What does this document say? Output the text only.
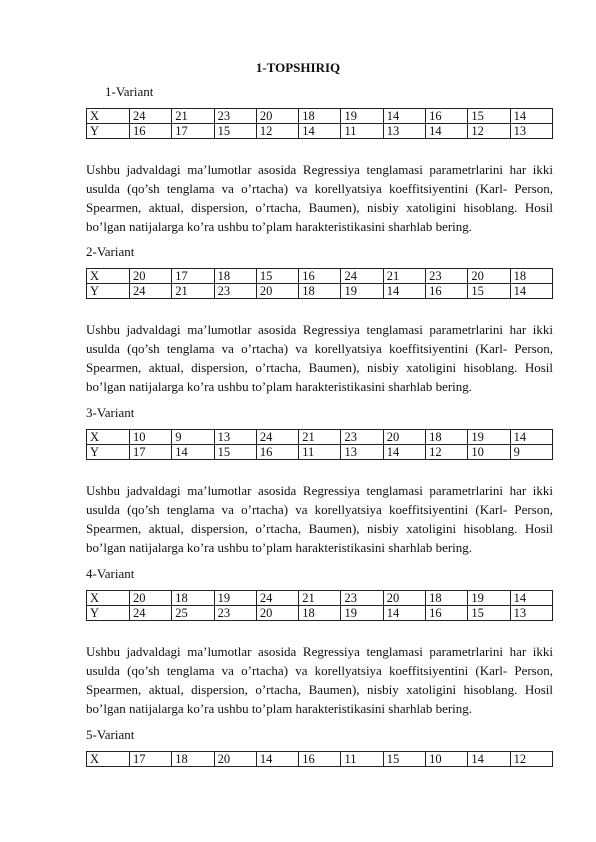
1-TOPSHIRIQ
1-Variant
X	24	21	23	20	18	19	14	16	15	14
Y	16	17	15	12	14	11	13	14	12	13
Ushbu jadvaldagi ma’lumotlar asosida Regressiya tenglamasi parametrlarini har ikki usulda (qo’sh tenglama va o’rtacha) va korellyatsiya koeffitsiyentini (Karl- Person, Spearmen, aktual, dispersion, o’rtacha, Baumen), nisbiy xatoligini hisoblang. Hosil bo’lgan natijalarga ko’ra ushbu to’plam harakteristikasini sharhlab bering.
2-Variant
X	20	17	18	15	16	24	21	23	20	18
Y	24	21	23	20	18	19	14	16	15	14
Ushbu jadvaldagi ma’lumotlar asosida Regressiya tenglamasi parametrlarini har ikki usulda (qo’sh tenglama va o’rtacha) va korellyatsiya koeffitsiyentini (Karl- Person, Spearmen, aktual, dispersion, o’rtacha, Baumen), nisbiy xatoligini hisoblang. Hosil bo’lgan natijalarga ko’ra ushbu to’plam harakteristikasini sharhlab bering.
3-Variant
X	10	9	13	24	21	23	20	18	19	14
Y	17	14	15	16	11	13	14	12	10	9
Ushbu jadvaldagi ma’lumotlar asosida Regressiya tenglamasi parametrlarini har ikki usulda (qo’sh tenglama va o’rtacha) va korellyatsiya koeffitsiyentini (Karl- Person, Spearmen, aktual, dispersion, o’rtacha, Baumen), nisbiy xatoligini hisoblang. Hosil bo’lgan natijalarga ko’ra ushbu to’plam harakteristikasini sharhlab bering.
4-Variant
X	20	18	19	24	21	23	20	18	19	14
Y	24	25	23	20	18	19	14	16	15	13
Ushbu jadvaldagi ma’lumotlar asosida Regressiya tenglamasi parametrlarini har ikki usulda (qo’sh tenglama va o’rtacha) va korellyatsiya koeffitsiyentini (Karl- Person, Spearmen, aktual, dispersion, o’rtacha, Baumen), nisbiy xatoligini hisoblang. Hosil bo’lgan natijalarga ko’ra ushbu to’plam harakteristikasini sharhlab bering.
5-Variant
X	17	18	20	14	16	11	15	10	14	12
